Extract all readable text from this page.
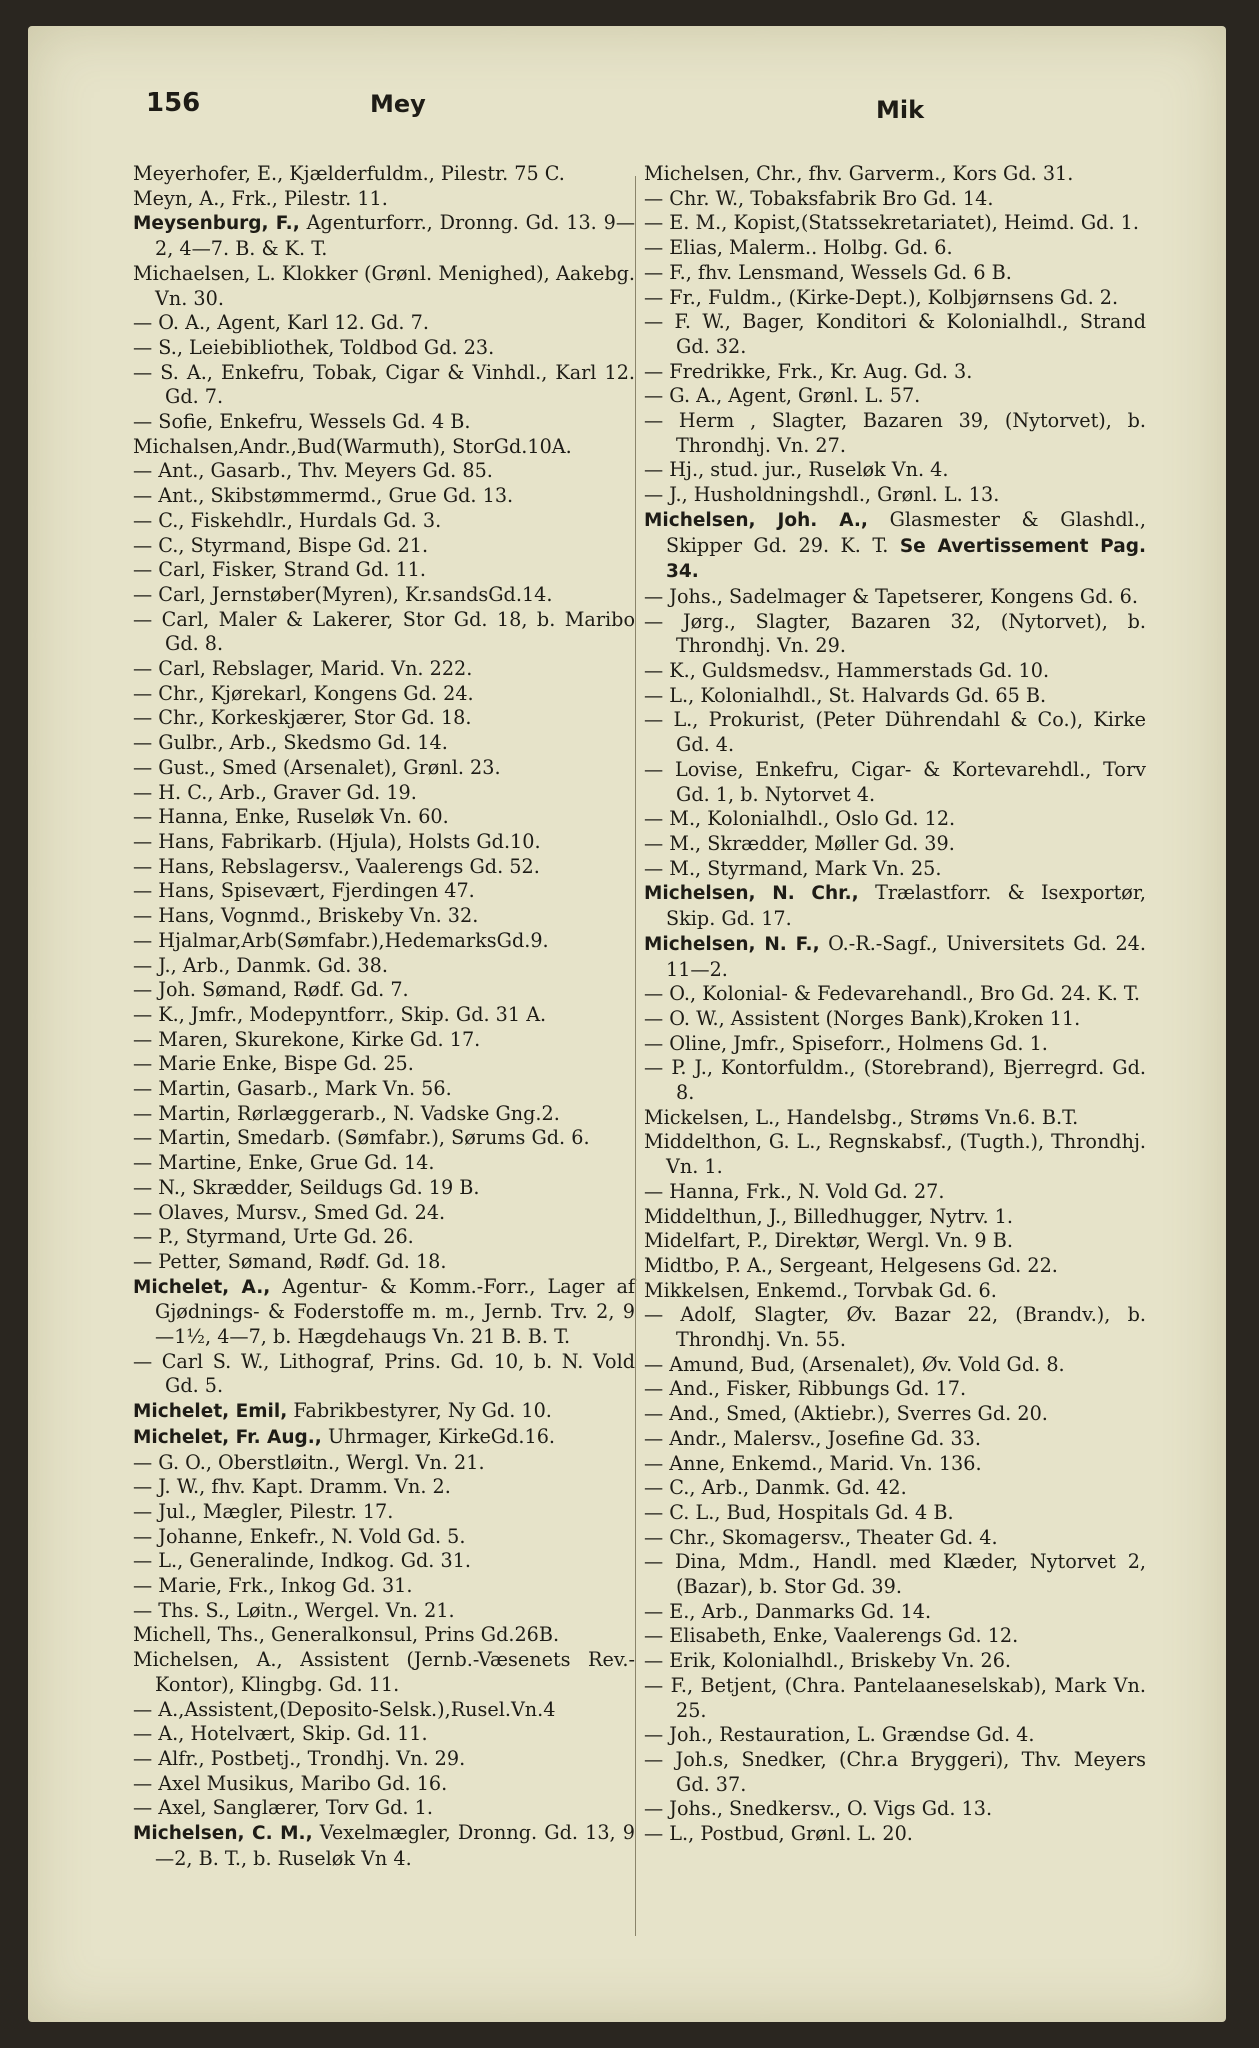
156	Mey	Mik
Meyerhofer, E., Kjælderfuldm., Pilestr. 75 C.
Meyn, A., Frk., Pilestr. 11.
Meysenburg, F., Agenturforr., Dronng. Gd. 13. 9—2, 4—7. B. & K. T.
Michaelsen, L. Klokker (Grønl. Menighed), Aakebg. Vn. 30.
— O. A., Agent, Karl 12. Gd. 7.
— S., Leiebibliothek, Toldbod Gd. 23.
— S. A., Enkefru, Tobak, Cigar & Vinhdl., Karl 12. Gd. 7.
— Sofie, Enkefru, Wessels Gd. 4 B.
Michalsen,Andr.,Bud(Warmuth), StorGd.10A.
— Ant., Gasarb., Thv. Meyers Gd. 85.
— Ant., Skibstømmermd., Grue Gd. 13.
— C., Fiskehdlr., Hurdals Gd. 3.
— C., Styrmand, Bispe Gd. 21.
— Carl, Fisker, Strand Gd. 11.
— Carl, Jernstøber(Myren), Kr.sandsGd.14.
— Carl, Maler & Lakerer, Stor Gd. 18, b. Maribo Gd. 8.
— Carl, Rebslager, Marid. Vn. 222.
— Chr., Kjørekarl, Kongens Gd. 24.
— Chr., Korkeskjærer, Stor Gd. 18.
— Gulbr., Arb., Skedsmo Gd. 14.
— Gust., Smed (Arsenalet), Grønl. 23.
— H. C., Arb., Graver Gd. 19.
— Hanna, Enke, Ruseløk Vn. 60.
— Hans, Fabrikarb. (Hjula), Holsts Gd.10.
— Hans, Rebslagersv., Vaalerengs Gd. 52.
— Hans, Spisevært, Fjerdingen 47.
— Hans, Vognmd., Briskeby Vn. 32.
— Hjalmar,Arb(Sømfabr.),HedemarksGd.9.
— J., Arb., Danmk. Gd. 38.
— Joh. Sømand, Rødf. Gd. 7.
— K., Jmfr., Modepyntforr., Skip. Gd. 31 A.
— Maren, Skurekone, Kirke Gd. 17.
— Marie Enke, Bispe Gd. 25.
— Martin, Gasarb., Mark Vn. 56.
— Martin, Rørlæggerarb., N. Vadske Gng.2.
— Martin, Smedarb. (Sømfabr.), Sørums Gd. 6.
— Martine, Enke, Grue Gd. 14.
— N., Skrædder, Seildugs Gd. 19 B.
— Olaves, Mursv., Smed Gd. 24.
— P., Styrmand, Urte Gd. 26.
— Petter, Sømand, Rødf. Gd. 18.
Michelet, A., Agentur- & Komm.-Forr., Lager af Gjødnings- & Foderstoffe m. m., Jernb. Trv. 2, 9—1½, 4—7, b. Hægdehaugs Vn. 21 B. B. T.
— Carl S. W., Lithograf, Prins. Gd. 10, b. N. Vold Gd. 5.
Michelet, Emil, Fabrikbestyrer, Ny Gd. 10.
Michelet, Fr. Aug., Uhrmager, KirkeGd.16.
— G. O., Oberstløitn., Wergl. Vn. 21.
— J. W., fhv. Kapt. Dramm. Vn. 2.
— Jul., Mægler, Pilestr. 17.
— Johanne, Enkefr., N. Vold Gd. 5.
— L., Generalinde, Indkog. Gd. 31.
— Marie, Frk., Inkog Gd. 31.
— Ths. S., Løitn., Wergel. Vn. 21.
Michell, Ths., Generalkonsul, Prins Gd.26B.
Michelsen, A., Assistent (Jernb.-Væsenets Rev.-Kontor), Klingbg. Gd. 11.
— A.,Assistent,(Deposito-Selsk.),Rusel.Vn.4
— A., Hotelvært, Skip. Gd. 11.
— Alfr., Postbetj., Trondhj. Vn. 29.
— Axel Musikus, Maribo Gd. 16.
— Axel, Sanglærer, Torv Gd. 1.
Michelsen, C. M., Vexelmægler, Dronng. Gd. 13, 9—2, B. T., b. Ruseløk Vn 4.
Michelsen, Chr., fhv. Garverm., Kors Gd. 31.
— Chr. W., Tobaksfabrik Bro Gd. 14.
— E. M., Kopist,(Statssekretariatet), Heimd. Gd. 1.
— Elias, Malerm.. Holbg. Gd. 6.
— F., fhv. Lensmand, Wessels Gd. 6 B.
— Fr., Fuldm., (Kirke-Dept.), Kolbjørnsens Gd. 2.
— F. W., Bager, Konditori & Kolonialhdl., Strand Gd. 32.
— Fredrikke, Frk., Kr. Aug. Gd. 3.
— G. A., Agent, Grønl. L. 57.
— Herm , Slagter, Bazaren 39, (Nytorvet), b. Throndhj. Vn. 27.
— Hj., stud. jur., Ruseløk Vn. 4.
— J., Husholdningshdl., Grønl. L. 13.
Michelsen, Joh. A., Glasmester & Glashdl., Skipper Gd. 29. K. T. Se Avertissement Pag. 34.
— Johs., Sadelmager & Tapetserer, Kongens Gd. 6.
— Jørg., Slagter, Bazaren 32, (Nytorvet), b. Throndhj. Vn. 29.
— K., Guldsmedsv., Hammerstads Gd. 10.
— L., Kolonialhdl., St. Halvards Gd. 65 B.
— L., Prokurist, (Peter Dührendahl & Co.), Kirke Gd. 4.
— Lovise, Enkefru, Cigar- & Kortevarehdl., Torv Gd. 1, b. Nytorvet 4.
— M., Kolonialhdl., Oslo Gd. 12.
— M., Skrædder, Møller Gd. 39.
— M., Styrmand, Mark Vn. 25.
Michelsen, N. Chr., Trælastforr. & Isexportør, Skip. Gd. 17.
Michelsen, N. F., O.-R.-Sagf., Universitets Gd. 24. 11—2.
— O., Kolonial- & Fedevarehandl., Bro Gd. 24. K. T.
— O. W., Assistent (Norges Bank),Kroken 11.
— Oline, Jmfr., Spiseforr., Holmens Gd. 1.
— P. J., Kontorfuldm., (Storebrand), Bjerregrd. Gd. 8.
Mickelsen, L., Handelsbg., Strøms Vn.6. B.T.
Middelthon, G. L., Regnskabsf., (Tugth.), Throndhj. Vn. 1.
— Hanna, Frk., N. Vold Gd. 27.
Middelthun, J., Billedhugger, Nytrv. 1.
Midelfart, P., Direktør, Wergl. Vn. 9 B.
Midtbo, P. A., Sergeant, Helgesens Gd. 22.
Mikkelsen, Enkemd., Torvbak Gd. 6.
— Adolf, Slagter, Øv. Bazar 22, (Brandv.), b. Throndhj. Vn. 55.
— Amund, Bud, (Arsenalet), Øv. Vold Gd. 8.
— And., Fisker, Ribbungs Gd. 17.
— And., Smed, (Aktiebr.), Sverres Gd. 20.
— Andr., Malersv., Josefine Gd. 33.
— Anne, Enkemd., Marid. Vn. 136.
— C., Arb., Danmk. Gd. 42.
— C. L., Bud, Hospitals Gd. 4 B.
— Chr., Skomagersv., Theater Gd. 4.
— Dina, Mdm., Handl. med Klæder, Nytorvet 2, (Bazar), b. Stor Gd. 39.
— E., Arb., Danmarks Gd. 14.
— Elisabeth, Enke, Vaalerengs Gd. 12.
— Erik, Kolonialhdl., Briskeby Vn. 26.
— F., Betjent, (Chra. Pantelaaneselskab), Mark Vn. 25.
— Joh., Restauration, L. Grændse Gd. 4.
— Joh.s, Snedker, (Chr.a Bryggeri), Thv. Meyers Gd. 37.
— Johs., Snedkersv., O. Vigs Gd. 13.
— L., Postbud, Grønl. L. 20.
